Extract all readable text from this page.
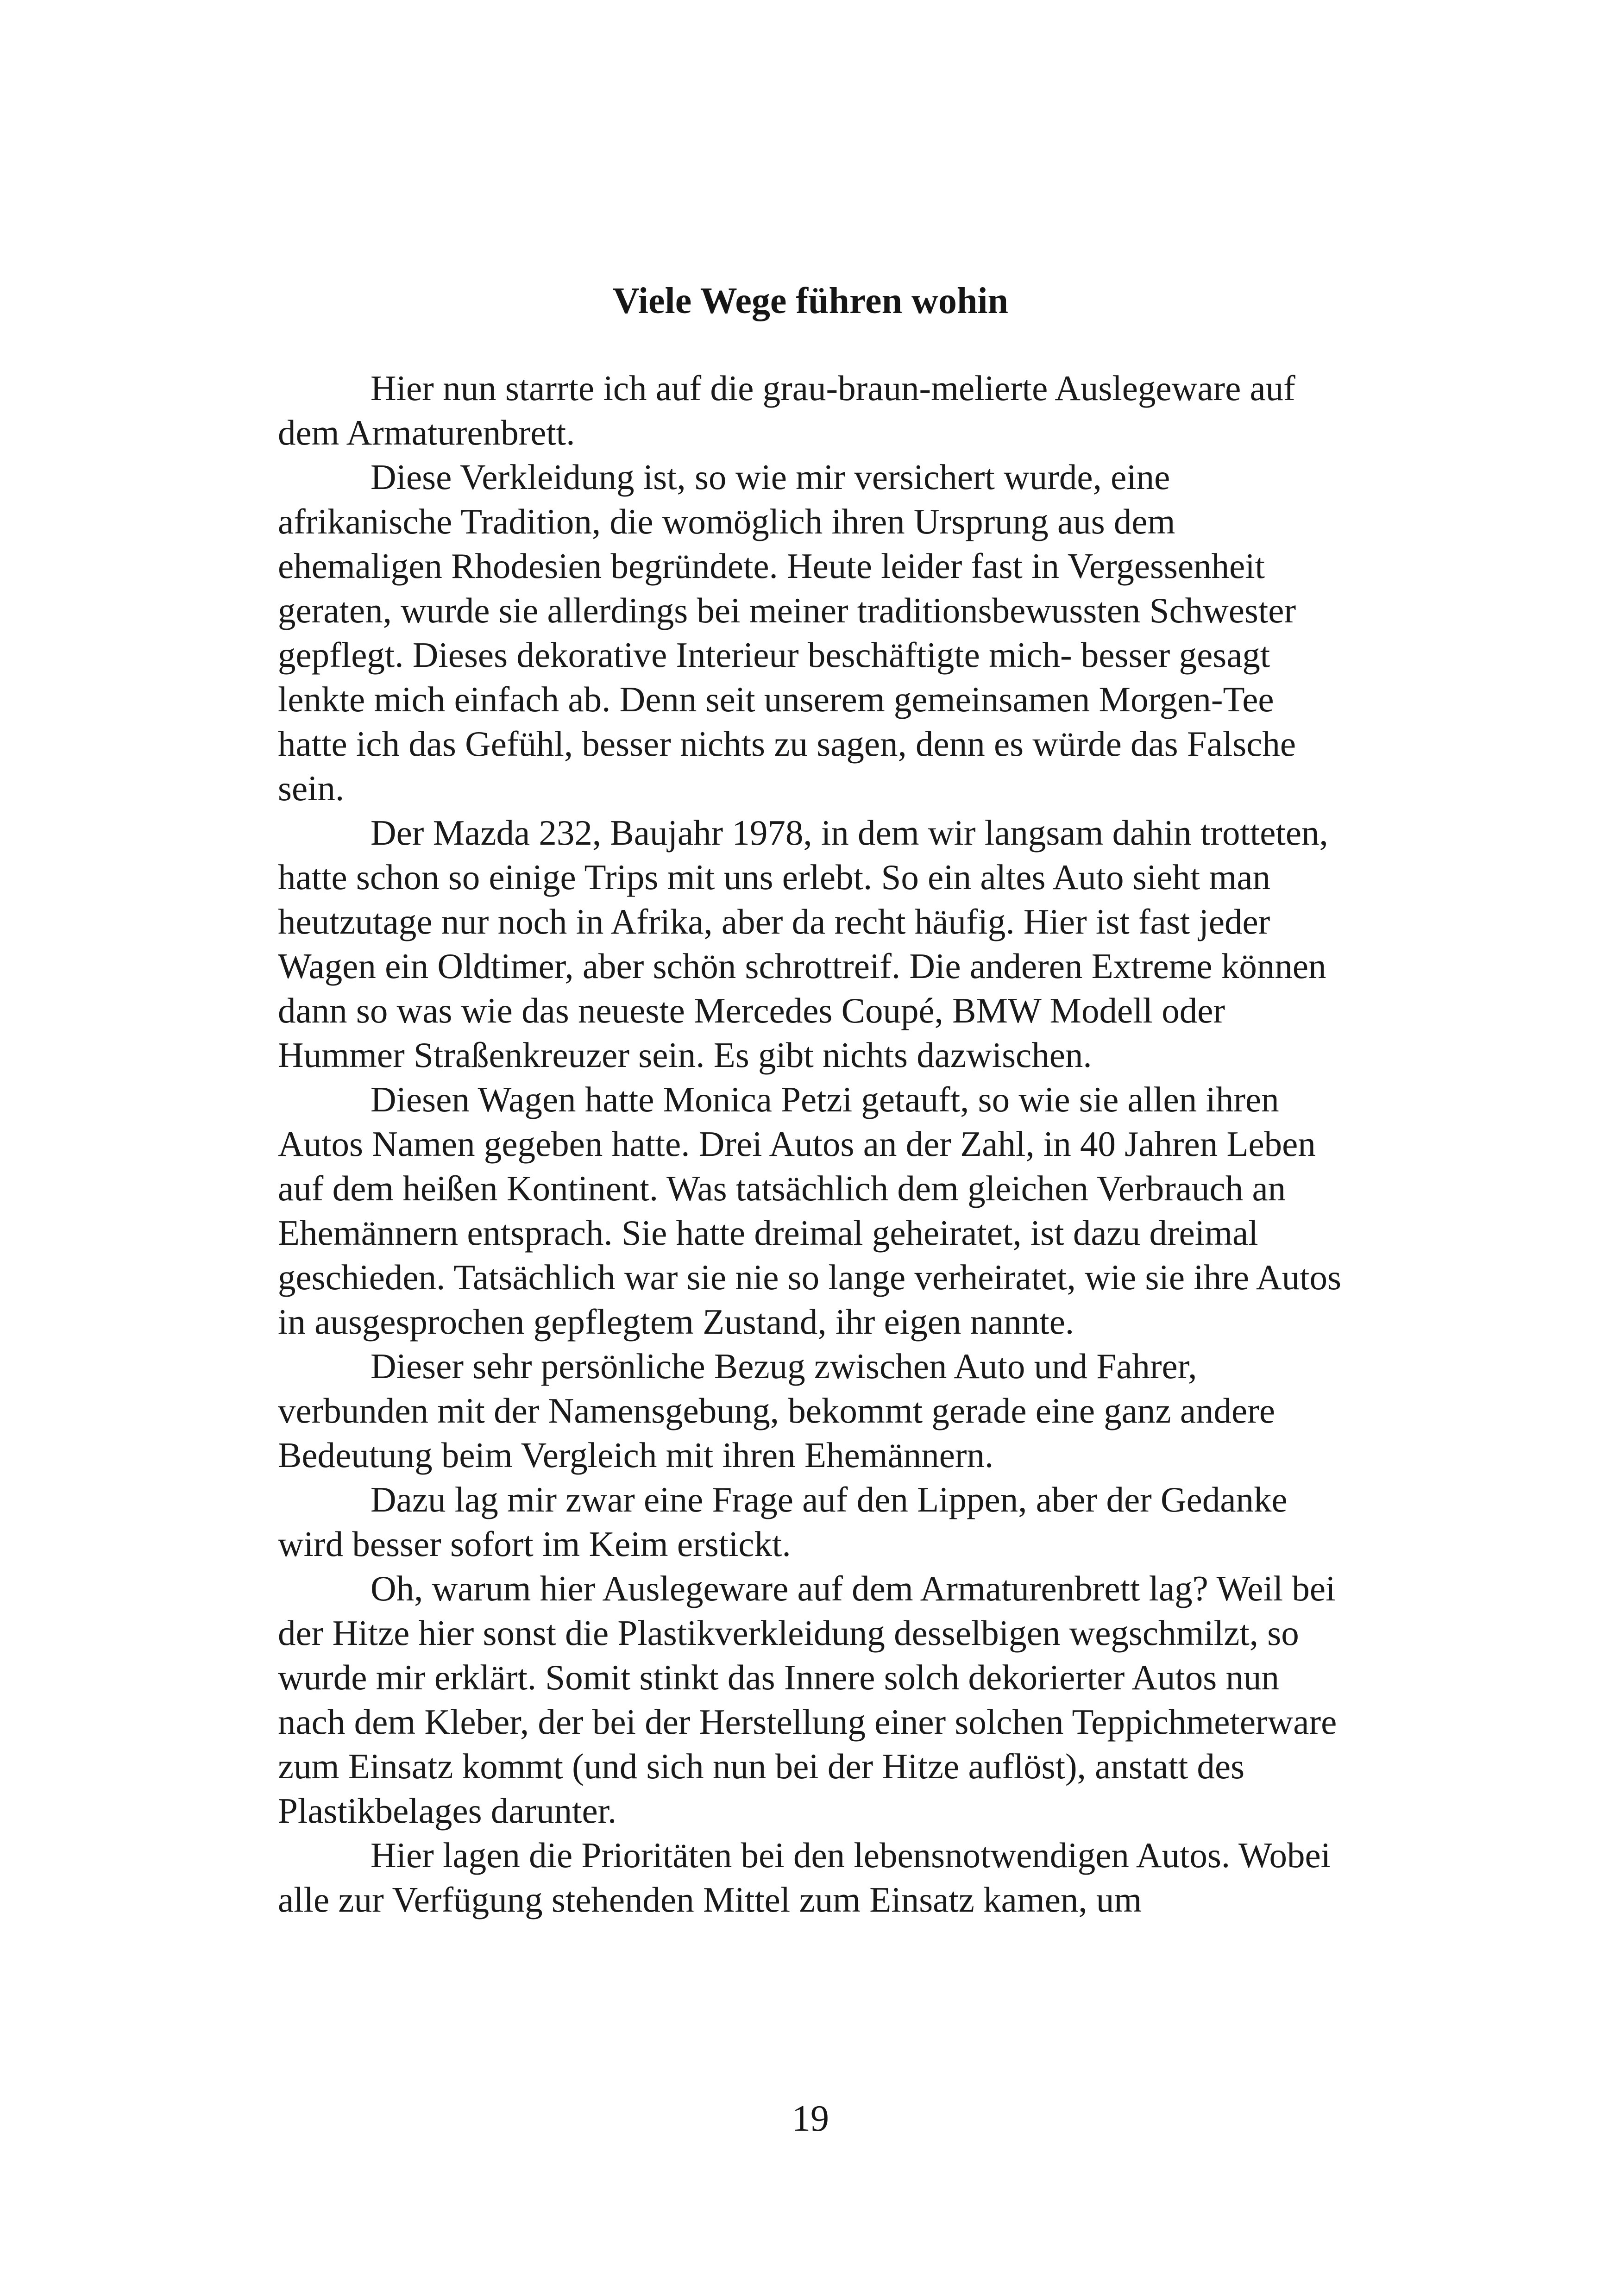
Viele Wege führen wohin

Hier nun starrte ich auf die grau-braun-melierte Auslegeware auf dem Armaturenbrett.

Diese Verkleidung ist, so wie mir versichert wurde, eine afrikanische Tradition, die womöglich ihren Ursprung aus dem ehemaligen Rhodesien begründete. Heute leider fast in Vergessenheit geraten, wurde sie allerdings bei meiner traditionsbewussten Schwester gepflegt. Dieses dekorative Interieur beschäftigte mich- besser gesagt lenkte mich einfach ab. Denn seit unserem gemeinsamen Morgen-Tee hatte ich das Gefühl, besser nichts zu sagen, denn es würde das Falsche sein.

Der Mazda 232, Baujahr 1978, in dem wir langsam dahin trotteten, hatte schon so einige Trips mit uns erlebt. So ein altes Auto sieht man heutzutage nur noch in Afrika, aber da recht häufig. Hier ist fast jeder Wagen ein Oldtimer, aber schön schrottreif. Die anderen Extreme können dann so was wie das neueste Mercedes Coupé, BMW Modell oder Hummer Straßenkreuzer sein. Es gibt nichts dazwischen.

Diesen Wagen hatte Monica Petzi getauft, so wie sie allen ihren Autos Namen gegeben hatte. Drei Autos an der Zahl, in 40 Jahren Leben auf dem heißen Kontinent. Was tatsächlich dem gleichen Verbrauch an Ehemännern entsprach. Sie hatte dreimal geheiratet, ist dazu dreimal geschieden. Tatsächlich war sie nie so lange verheiratet, wie sie ihre Autos in ausgesprochen gepflegtem Zustand, ihr eigen nannte.

Dieser sehr persönliche Bezug zwischen Auto und Fahrer, verbunden mit der Namensgebung, bekommt gerade eine ganz andere Bedeutung beim Vergleich mit ihren Ehemännern.

Dazu lag mir zwar eine Frage auf den Lippen, aber der Gedanke wird besser sofort im Keim erstickt.

Oh, warum hier Auslegeware auf dem Armaturenbrett lag? Weil bei der Hitze hier sonst die Plastikverkleidung desselbigen wegschmilzt, so wurde mir erklärt. Somit stinkt das Innere solch dekorierter Autos nun nach dem Kleber, der bei der Herstellung einer solchen Teppichmeterware zum Einsatz kommt (und sich nun bei der Hitze auflöst), anstatt des Plastikbelages darunter.

Hier lagen die Prioritäten bei den lebensnotwendigen Autos. Wobei alle zur Verfügung stehenden Mittel zum Einsatz kamen, um

19
